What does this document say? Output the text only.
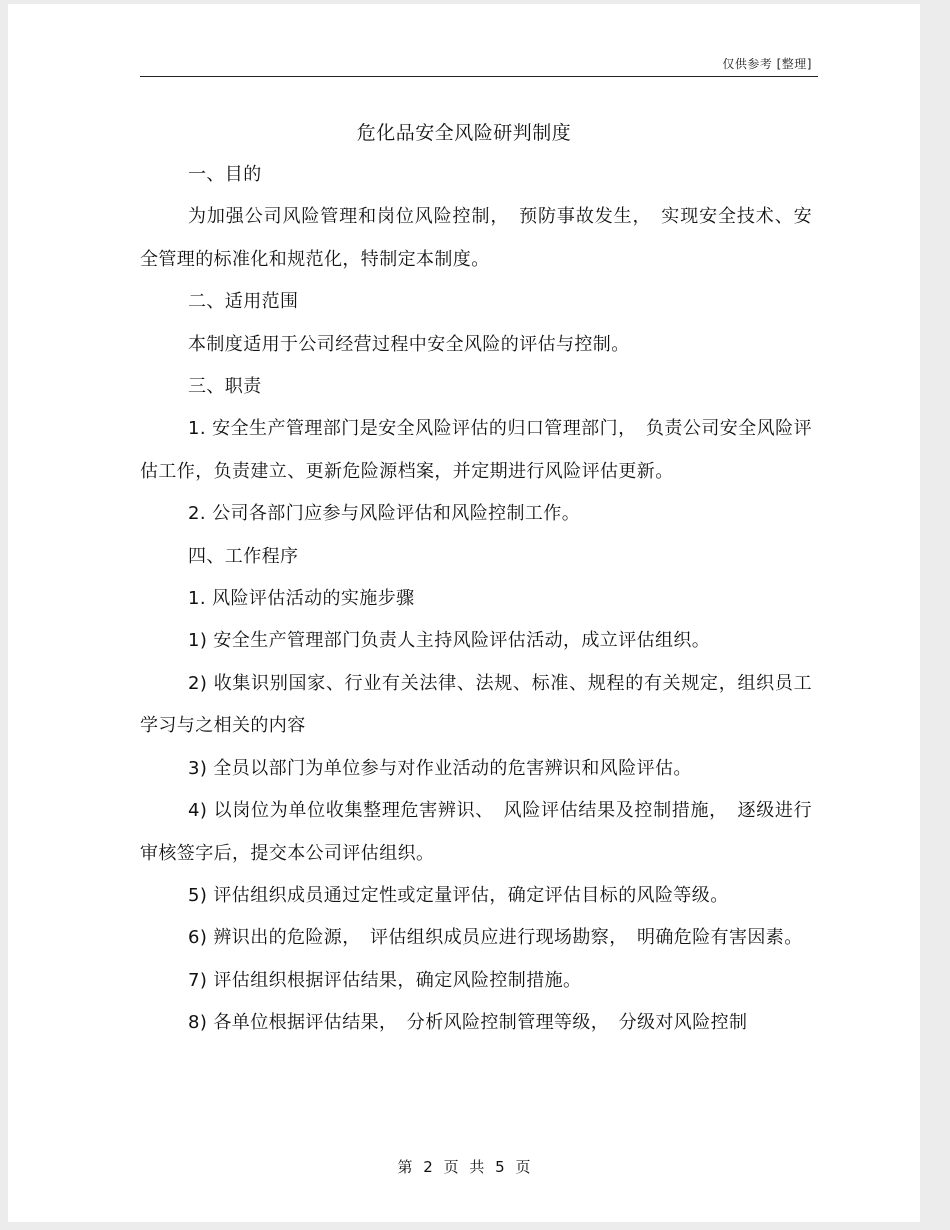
仅供参考 [整理]
危化品安全风险研判制度

一、目的

为加强公司风险管理和岗位风险控制，　预防事故发生，　实现安全技术、安全管理的标准化和规范化，特制定本制度。

二、适用范围

本制度适用于公司经营过程中安全风险的评估与控制。

三、职责

1. 安全生产管理部门是安全风险评估的归口管理部门，　负责公司安全风险评估工作，负责建立、更新危险源档案，并定期进行风险评估更新。

2. 公司各部门应参与风险评估和风险控制工作。

四、工作程序

1. 风险评估活动的实施步骤

1) 安全生产管理部门负责人主持风险评估活动，成立评估组织。

2) 收集识别国家、行业有关法律、法规、标准、规程的有关规定，组织员工学习与之相关的内容

3) 全员以部门为单位参与对作业活动的危害辨识和风险评估。

4) 以岗位为单位收集整理危害辨识、　风险评估结果及控制措施，　逐级进行审核签字后，提交本公司评估组织。

5) 评估组织成员通过定性或定量评估，确定评估目标的风险等级。

6) 辨识出的危险源，　评估组织成员应进行现场勘察，　明确危险有害因素。

7) 评估组织根据评估结果，确定风险控制措施。

8) 各单位根据评估结果，　分析风险控制管理等级，　分级对风险控制

第 2 页 共 5 页
